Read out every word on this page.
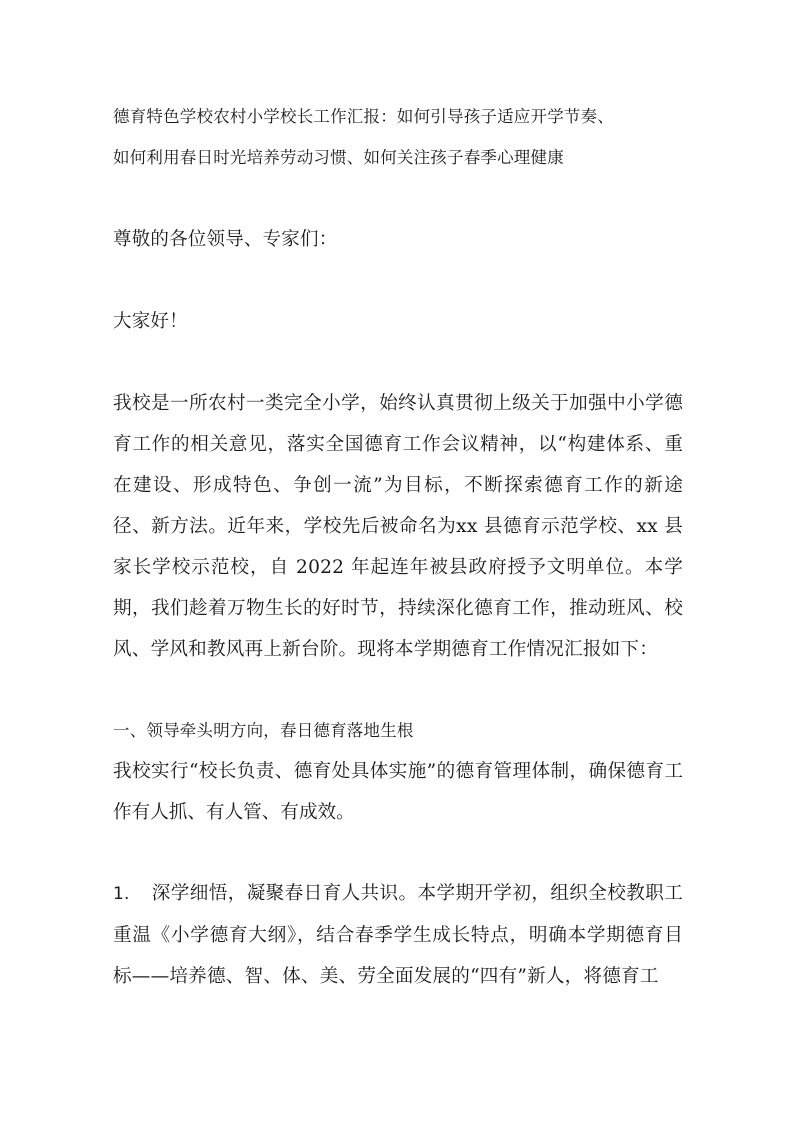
德育特色学校农村小学校长工作汇报：如何引导孩子适应开学节奏、
如何利用春日时光培养劳动习惯、如何关注孩子春季心理健康

尊敬的各位领导、专家们：

大家好！

我校是一所农村一类完全小学，始终认真贯彻上级关于加强中小学德育工作的相关意见，落实全国德育工作会议精神，以“构建体系、重在建设、形成特色、争创一流”为目标，不断探索德育工作的新途径、新方法。近年来，学校先后被命名为xx 县德育示范学校、xx 县家长学校示范校，自 2022 年起连年被县政府授予文明单位。本学期，我们趁着万物生长的好时节，持续深化德育工作，推动班风、校风、学风和教风再上新台阶。现将本学期德育工作情况汇报如下：

一、领导牵头明方向，春日德育落地生根

我校实行“校长负责、德育处具体实施”的德育管理体制，确保德育工作有人抓、有人管、有成效。

1. 深学细悟，凝聚春日育人共识。本学期开学初，组织全校教职工重温《小学德育大纲》，结合春季学生成长特点，明确本学期德育目标——培养德、智、体、美、劳全面发展的“四有”新人，将德育工
